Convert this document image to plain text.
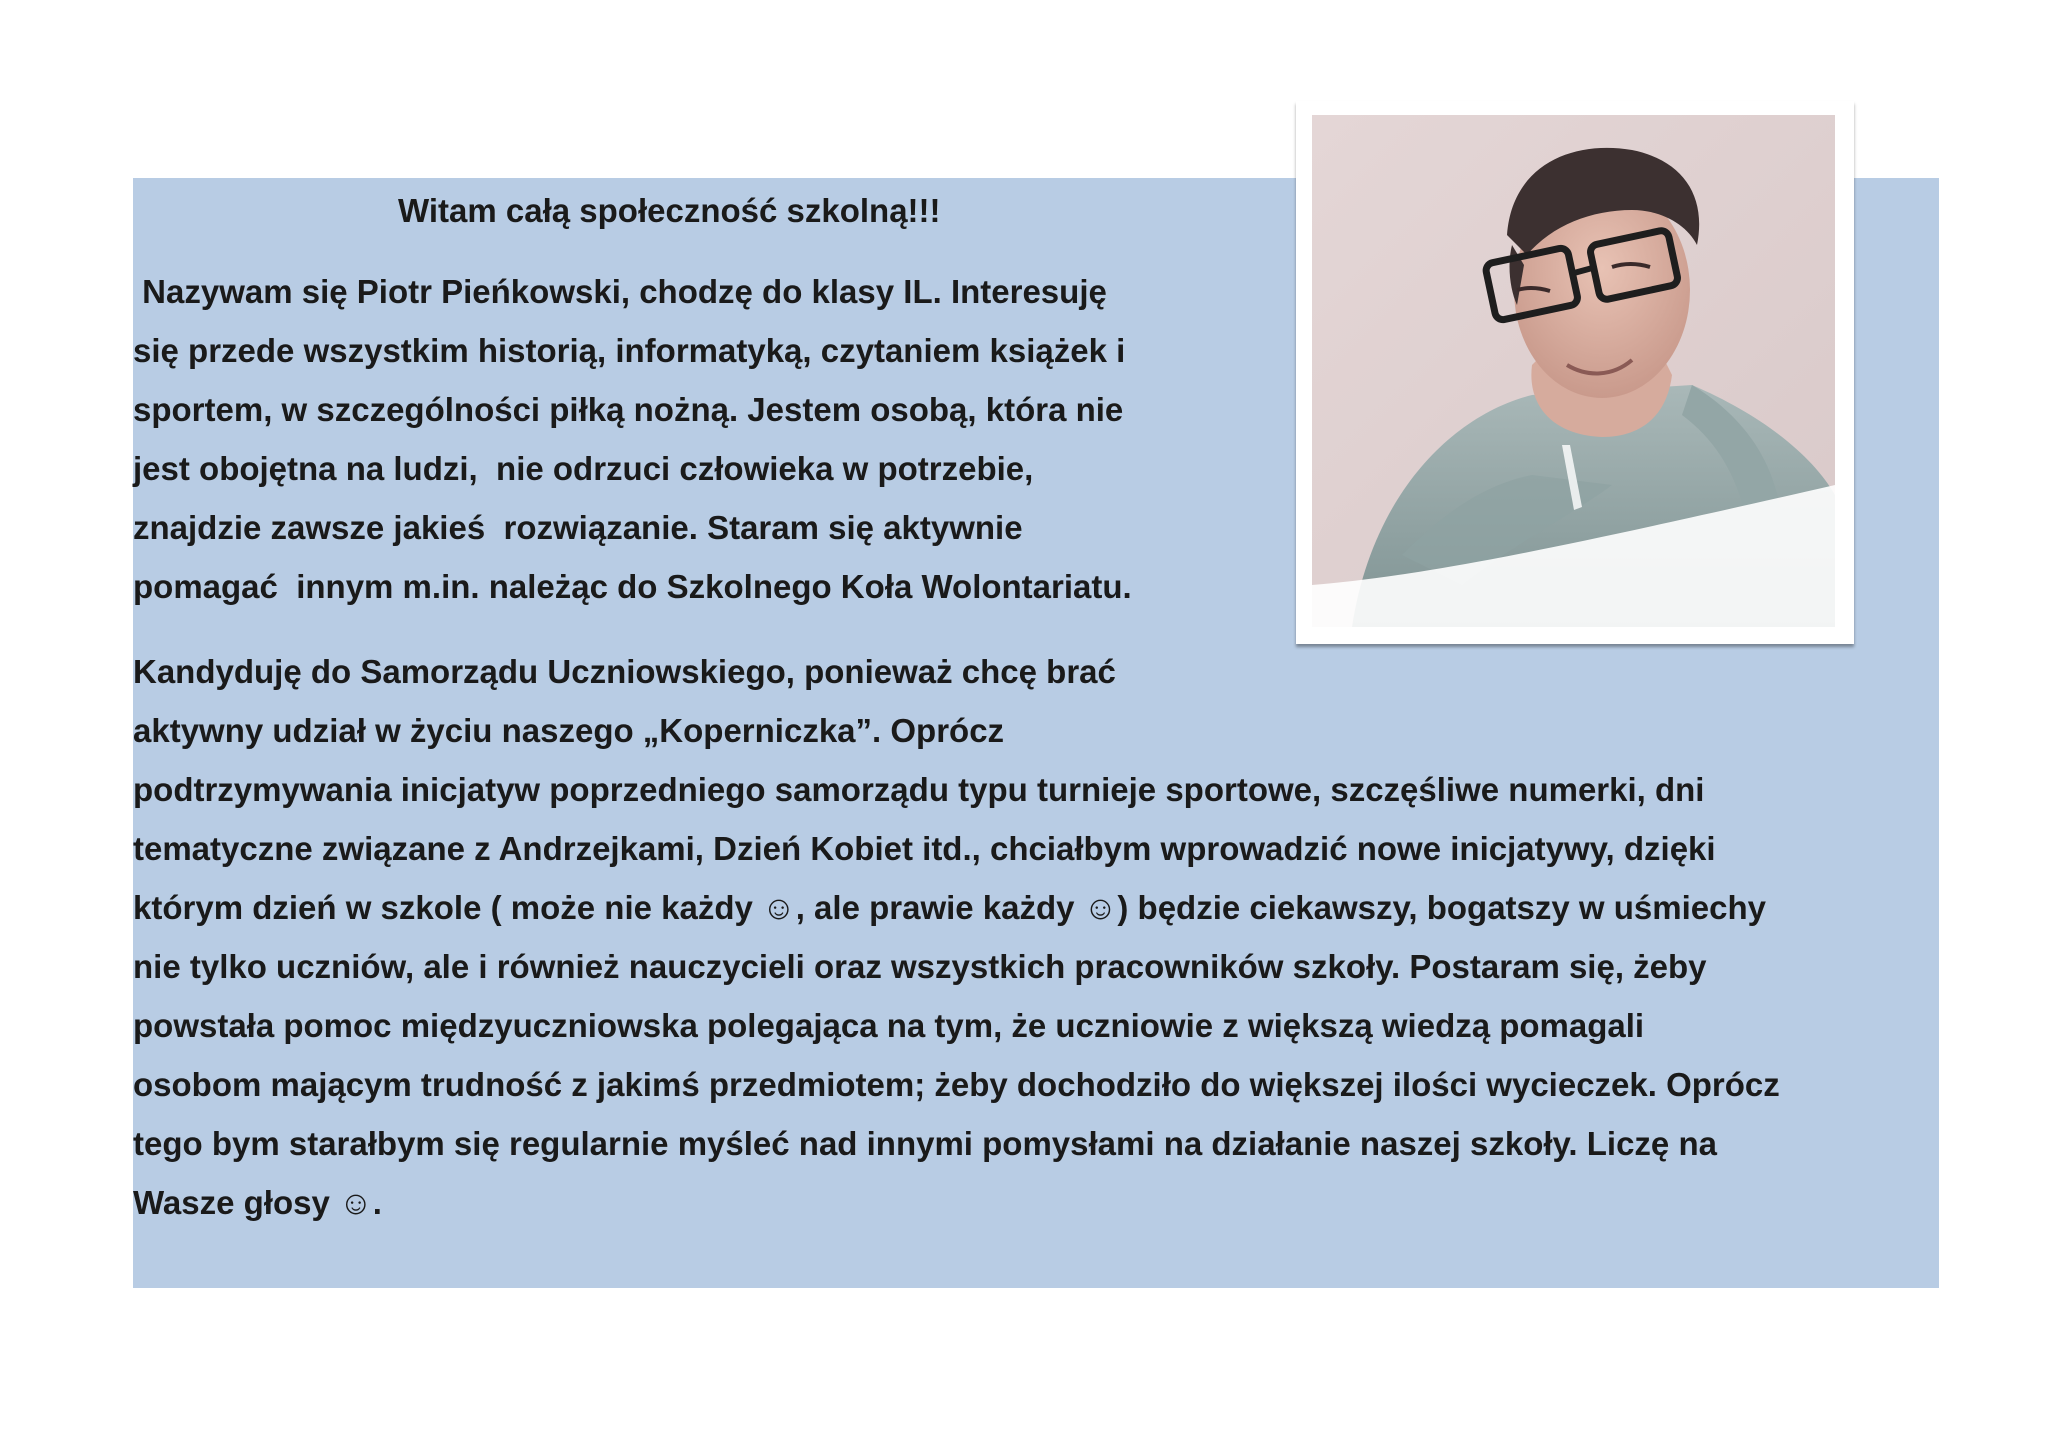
Witam całą społeczność szkolną!!!

Nazywam się Piotr Pieńkowski, chodzę do klasy IL. Interesuję
się przede wszystkim historią, informatyką, czytaniem książek i
sportem, w szczególności piłką nożną. Jestem osobą, która nie
jest obojętna na ludzi,  nie odrzuci człowieka w potrzebie,
znajdzie zawsze jakieś  rozwiązanie. Staram się aktywnie
pomagać  innym m.in. należąc do Szkolnego Koła Wolontariatu.

Kandyduję do Samorządu Uczniowskiego, ponieważ chcę brać
aktywny udział w życiu naszego „Koperniczka”. Oprócz
podtrzymywania inicjatyw poprzedniego samorządu typu turnieje sportowe, szczęśliwe numerki, dni
tematyczne związane z Andrzejkami, Dzień Kobiet itd., chciałbym wprowadzić nowe inicjatywy, dzięki
którym dzień w szkole ( może nie każdy ☺, ale prawie każdy ☺) będzie ciekawszy, bogatszy w uśmiechy
nie tylko uczniów, ale i również nauczycieli oraz wszystkich pracowników szkoły. Postaram się, żeby
powstała pomoc międzyuczniowska polegająca na tym, że uczniowie z większą wiedzą pomagali
osobom mającym trudność z jakimś przedmiotem; żeby dochodziło do większej ilości wycieczek. Oprócz
tego bym starałbym się regularnie myśleć nad innymi pomysłami na działanie naszej szkoły. Liczę na
Wasze głosy ☺.
